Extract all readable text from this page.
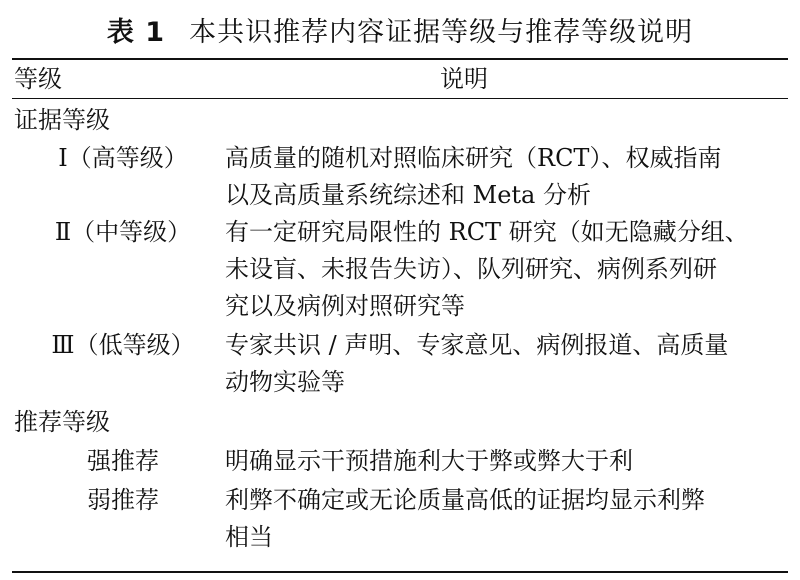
表 1 本共识推荐内容证据等级与推荐等级说明
等级	说明
证据等级
Ⅰ（高等级）	高质量的随机对照临床研究（RCT）、权威指南
以及高质量系统综述和 Meta 分析
Ⅱ（中等级）	有一定研究局限性的 RCT 研究（如无隐藏分组、
未设盲、未报告失访）、队列研究、病例系列研
究以及病例对照研究等
Ⅲ（低等级）	专家共识 / 声明、专家意见、病例报道、高质量
动物实验等
推荐等级
强推荐	明确显示干预措施利大于弊或弊大于利
弱推荐	利弊不确定或无论质量高低的证据均显示利弊
相当
